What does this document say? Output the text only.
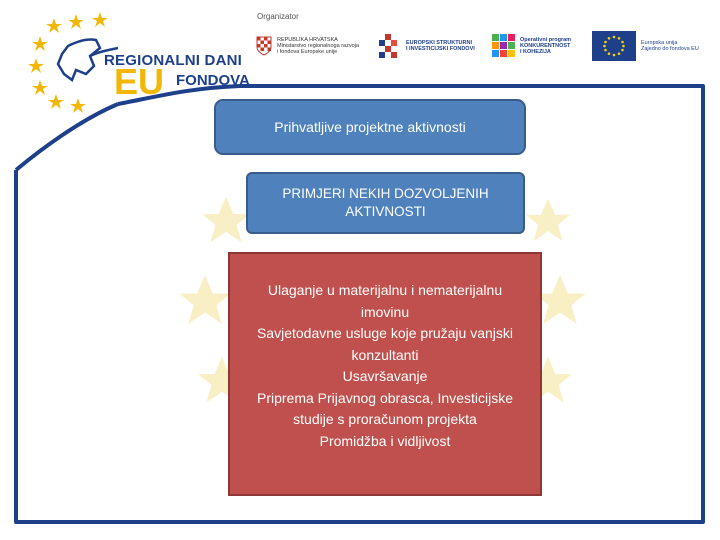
REGIONALNI DANI
EU FONDOVA
Organizator
REPUBLIKA HRVATSKA
Ministarstvo regionalnoga razvoja
i fondova Europske unije
EUROPSKI STRUKTURNI
I INVESTICIJSKI FONDOVI
Operativni program
KONKURENTNOST
I KOHEZIJA
Europska unija
Zajedno do fondova EU
Prihvatljive projektne aktivnosti
PRIMJERI NEKIH DOZVOLJENIH AKTIVNOSTI
Ulaganje u materijalnu i nematerijalnu imovinu
Savjetodavne usluge koje pružaju vanjski konzultanti
Usavršavanje
Priprema Prijavnog obrasca, Investicijske studije s proračunom projekta
Promidžba i vidljivost
